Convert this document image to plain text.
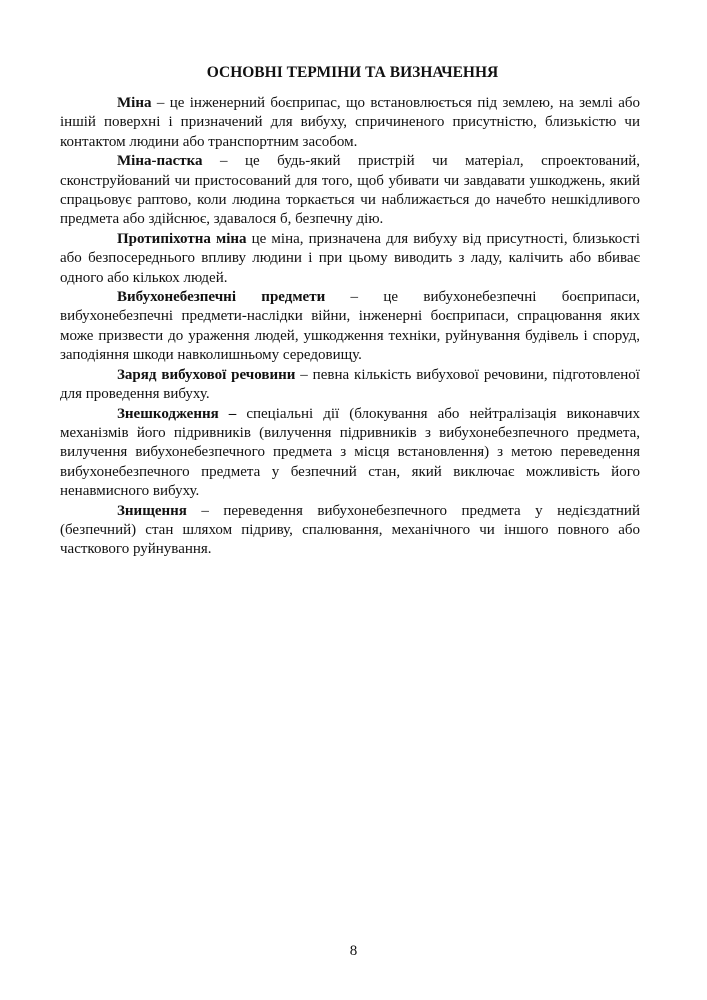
ОСНОВНІ ТЕРМІНИ ТА ВИЗНАЧЕННЯ

Міна – це інженерний боєприпас, що встановлюється під землею, на землі або іншій поверхні і призначений для вибуху, спричиненого присутністю, близькістю чи контактом людини або транспортним засобом.

Міна-пастка – це будь-який пристрій чи матеріал, спроектований, сконструйований чи пристосований для того, щоб убивати чи завдавати ушкоджень, який спрацьовує раптово, коли людина торкається чи наближається до начебто нешкідливого предмета або здійснює, здавалося б, безпечну дію.

Протипіхотна міна це міна, призначена для вибуху від присутності, близькості або безпосереднього впливу людини і при цьому виводить з ладу, калічить або вбиває одного або кількох людей.

Вибухонебезпечні предмети – це вибухонебезпечні боєприпаси, вибухонебезпечні предмети-наслідки війни, інженерні боєприпаси, спрацювання яких може призвести до ураження людей, ушкодження техніки, руйнування будівель і споруд, заподіяння шкоди навколишньому середовищу.

Заряд вибухової речовини – певна кількість вибухової речовини, підготовленої для проведення вибуху.

Знешкодження – спеціальні дії (блокування або нейтралізація виконавчих механізмів його підривників (вилучення підривників з вибухонебезпечного предмета, вилучення вибухонебезпечного предмета з місця встановлення) з метою переведення вибухонебезпечного предмета у безпечний стан, який виключає можливість його ненавмисного вибуху.

Знищення – переведення вибухонебезпечного предмета у недієздатний (безпечний) стан шляхом підриву, спалювання, механічного чи іншого повного або часткового руйнування.

8
